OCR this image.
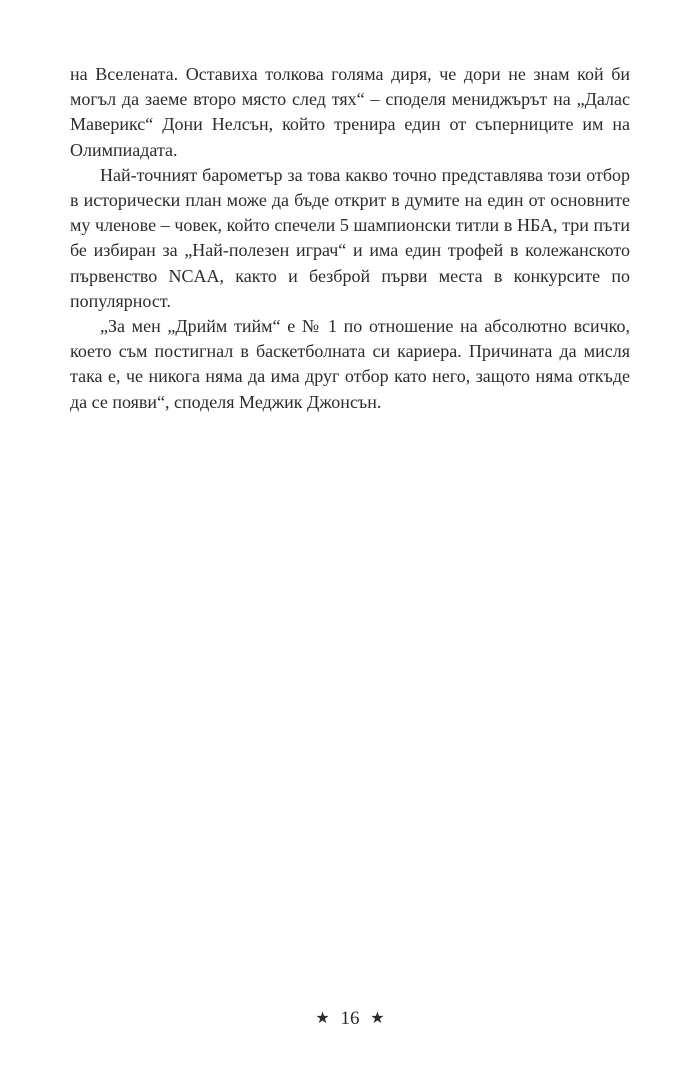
на Вселената. Оставиха толкова голяма диря, че дори не знам кой би могъл да заеме второ място след тях“ – споделя мениджърът на „Далас Маверикс“ Дони Нелсън, който тренира един от съперниците им на Олимпиадата.

Най-точният барометър за това какво точно представлява този отбор в исторически план може да бъде открит в думите на един от основните му членове – човек, който спечели 5 шампионски титли в НБА, три пъти бе избиран за „Най-полезен играч“ и има един трофей в колежанското първенство NCAA, както и безброй първи места в конкурсите по популярност.

„За мен „Дрийм тийм“ е № 1 по отношение на абсолютно всичко, което съм постигнал в баскетболната си кариера. Причината да мисля така е, че никога няма да има друг отбор като него, защото няма откъде да се появи“, споделя Меджик Джонсън.

★ 16 ★
